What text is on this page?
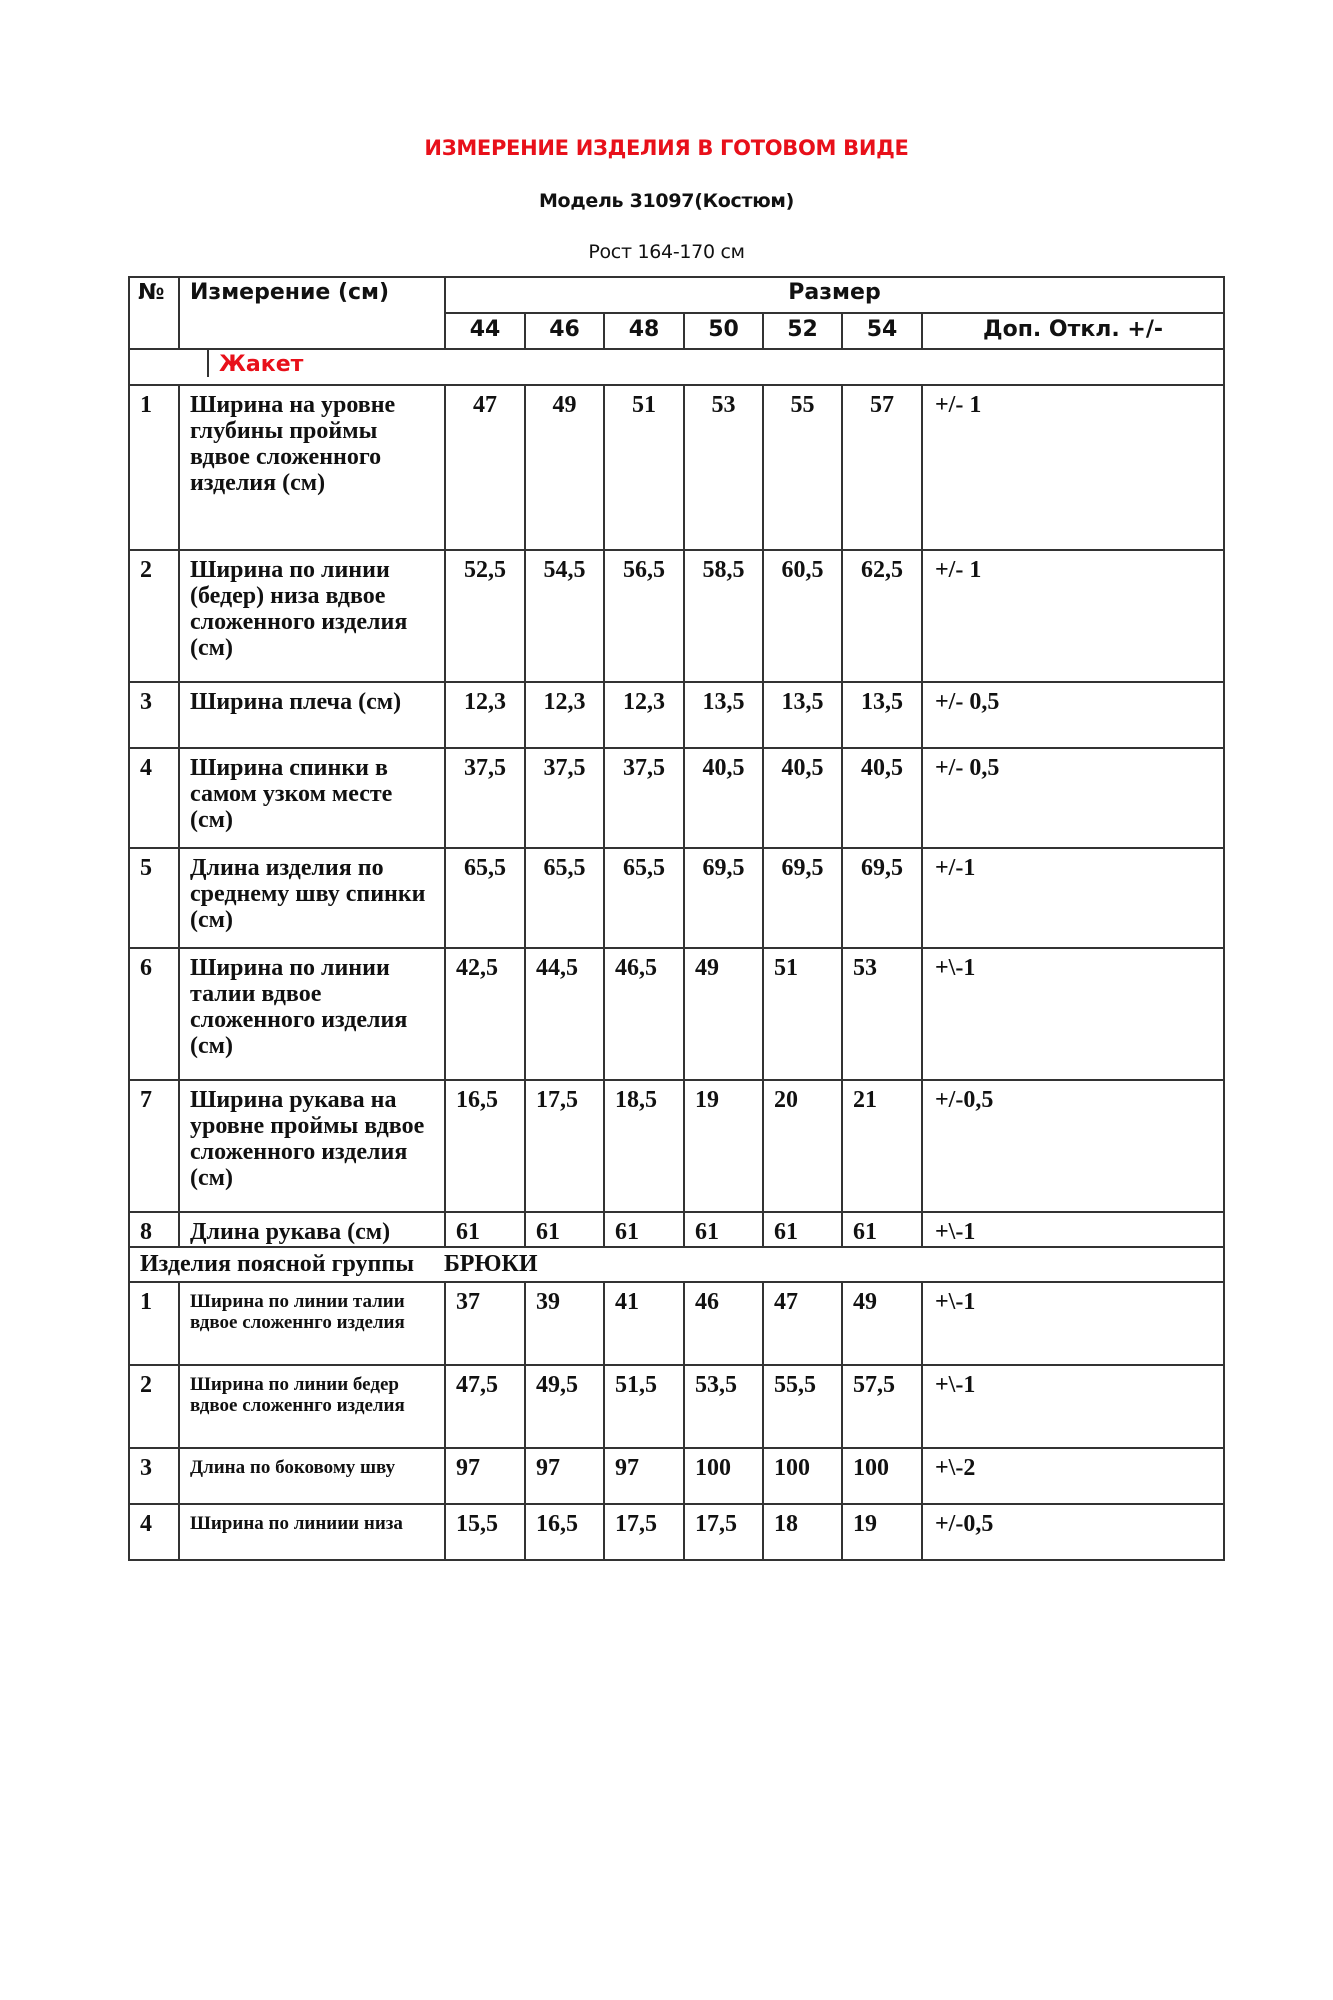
ИЗМЕРЕНИЕ ИЗДЕЛИЯ В ГОТОВОМ ВИДЕ
Модель 31097(Костюм)
Рост 164-170 см
№	Измерение (см)	Размер						
		44	46	48	50	52	54	Доп. Откл. +/-

Жакет								

1	Ширина на уровне глубины проймы вдвое сложенного изделия (см)	47	49	51	53	55	57	+/- 1
2	Ширина по линии (бедер) низа вдвое сложенного изделия (см)	52,5	54,5	56,5	58,5	60,5	62,5	+/- 1
3	Ширина плеча (см)	12,3	12,3	12,3	13,5	13,5	13,5	+/- 0,5
4	Ширина спинки в самом узком месте (см)	37,5	37,5	37,5	40,5	40,5	40,5	+/- 0,5
5	Длина изделия по среднему шву спинки (см)	65,5	65,5	65,5	69,5	69,5	69,5	+/-1
6	Ширина по линии талии вдвое сложенного изделия (см)	42,5	44,5	46,5	49	51	53	+\-1
7	Ширина рукава на уровне проймы вдвое сложенного изделия (см)	16,5	17,5	18,5	19	20	21	+/-0,5
8	Длина рукава (см)	61	61	61	61	61	61	+\-1
Изделия поясной группы     БРЮКИ								
1	Ширина по линии талии вдвое сложеннго изделия	37	39	41	46	47	49	+\-1
2	Ширина по линии бедер вдвое сложеннго изделия	47,5	49,5	51,5	53,5	55,5	57,5	+\-1
3	Длина по боковому шву	97	97	97	100	100	100	+\-2
4	Ширина по линиии низа	15,5	16,5	17,5	17,5	18	19	+/-0,5
